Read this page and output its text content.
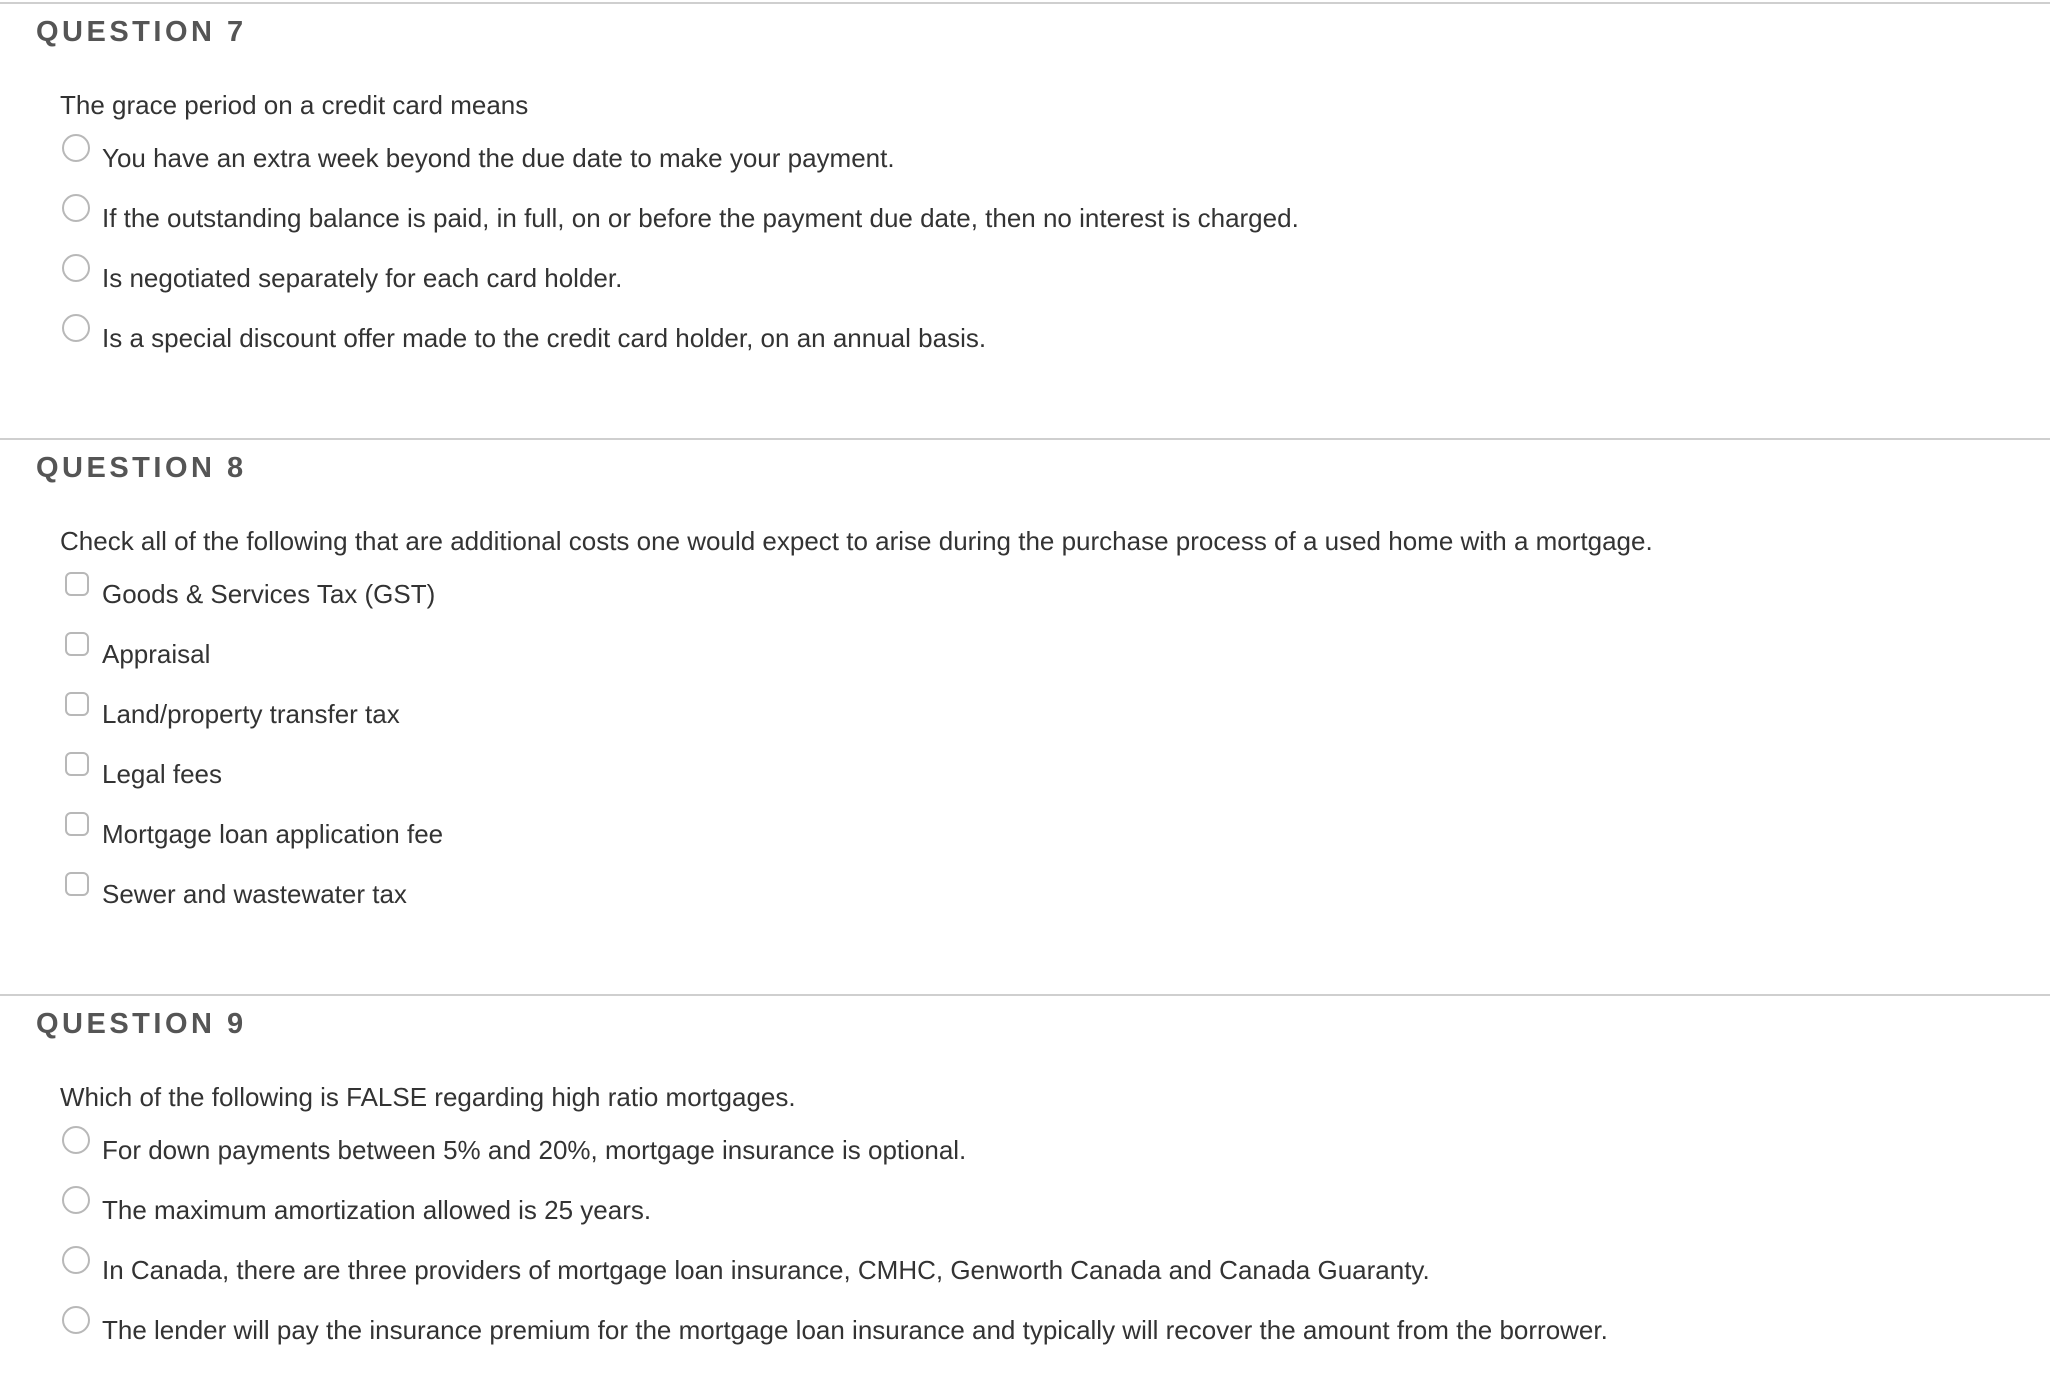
QUESTION 7

The grace period on a credit card means

You have an extra week beyond the due date to make your payment.
If the outstanding balance is paid, in full, on or before the payment due date, then no interest is charged.
Is negotiated separately for each card holder.
Is a special discount offer made to the credit card holder, on an annual basis.
QUESTION 8

Check all of the following that are additional costs one would expect to arise during the purchase process of a used home with a mortgage.

Goods & Services Tax (GST)
Appraisal
Land/property transfer tax
Legal fees
Mortgage loan application fee
Sewer and wastewater tax
QUESTION 9

Which of the following is FALSE regarding high ratio mortgages.

For down payments between 5% and 20%, mortgage insurance is optional.
The maximum amortization allowed is 25 years.
In Canada, there are three providers of mortgage loan insurance, CMHC, Genworth Canada and Canada Guaranty.
The lender will pay the insurance premium for the mortgage loan insurance and typically will recover the amount from the borrower.
